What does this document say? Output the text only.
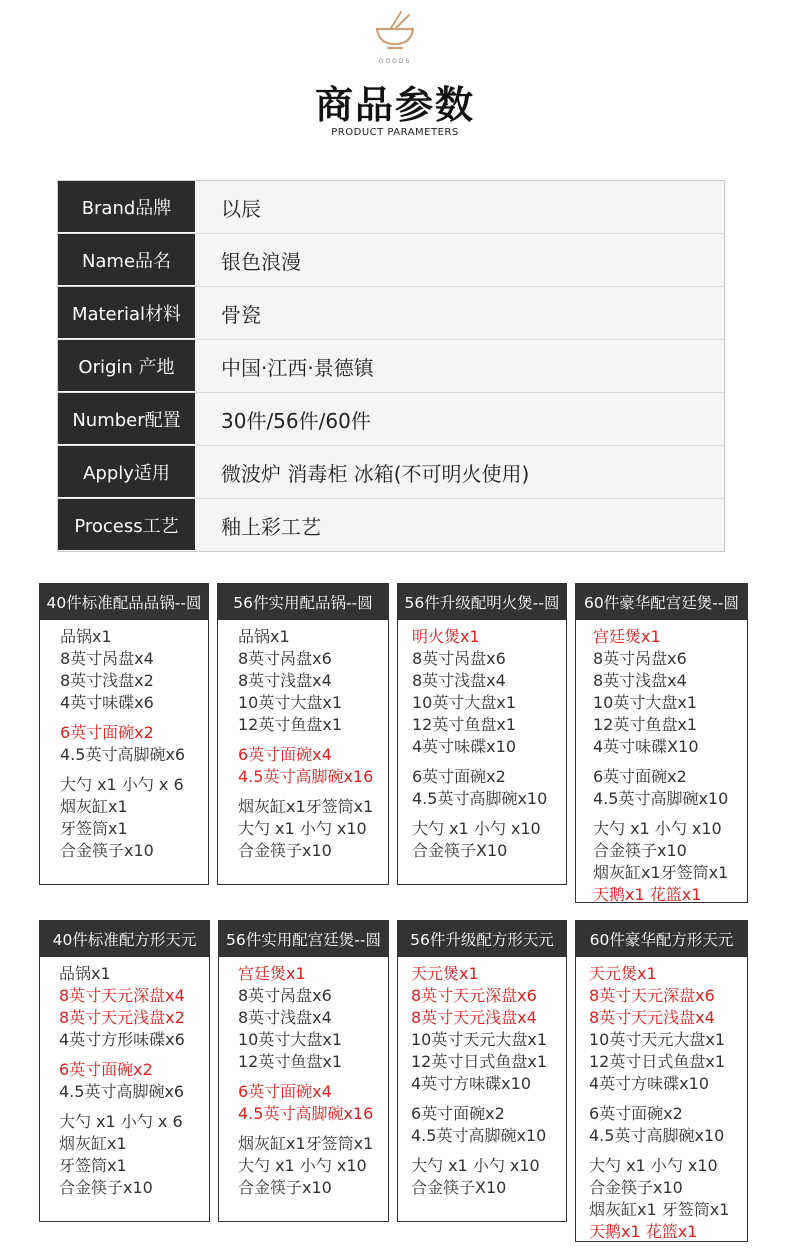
GOODS
商品参数
PRODUCT PARAMETERS
Brand品牌	以辰
Name品名	银色浪漫
Material材料	骨瓷
Origin 产地	中国·江西·景德镇
Number配置	30件/56件/60件
Apply适用	微波炉 消毒柜 冰箱(不可明火使用)
Process工艺	釉上彩工艺
40件标准配品品锅--圆
品锅x1
8英寸呙盘x4
8英寸浅盘x2
4英寸味碟x6
6英寸面碗x2
4.5英寸高脚碗x6
大勺 x1 小勺 x 6
烟灰缸x1
牙签筒x1
合金筷子x10
56件实用配品锅--圆
品锅x1
8英寸呙盘x6
8英寸浅盘x4
10英寸大盘x1
12英寸鱼盘x1
6英寸面碗x4
4.5英寸高脚碗x16
烟灰缸x1牙签筒x1
大勺 x1 小勺 x10
合金筷子x10
56件升级配明火煲--圆
明火煲x1
8英寸呙盘x6
8英寸浅盘x4
10英寸大盘x1
12英寸鱼盘x1
4英寸味碟x10
6英寸面碗x2
4.5英寸高脚碗x10
大勺 x1 小勺 x10
合金筷子X10
60件豪华配宫廷煲--圆
宫廷煲x1
8英寸呙盘x6
8英寸浅盘x4
10英寸大盘x1
12英寸鱼盘x1
4英寸味碟X10
6英寸面碗x2
4.5英寸高脚碗x10
大勺 x1 小勺 x10
合金筷子x10
烟灰缸x1牙签筒x1
天鹅x1 花篮x1
40件标准配方形天元
品锅x1
8英寸天元深盘x4
8英寸天元浅盘x2
4英寸方形味碟x6
6英寸面碗x2
4.5英寸高脚碗x6
大勺 x1 小勺 x 6
烟灰缸x1
牙签筒x1
合金筷子x10
56件实用配宫廷煲--圆
宫廷煲x1
8英寸呙盘x6
8英寸浅盘x4
10英寸大盘x1
12英寸鱼盘x1
6英寸面碗x4
4.5英寸高脚碗x16
烟灰缸x1牙签筒x1
大勺 x1 小勺 x10
合金筷子x10
56件升级配方形天元
天元煲x1
8英寸天元深盘x6
8英寸天元浅盘x4
10英寸天元大盘x1
12英寸日式鱼盘x1
4英寸方味碟x10
6英寸面碗x2
4.5英寸高脚碗x10
大勺 x1 小勺 x10
合金筷子X10
60件豪华配方形天元
天元煲x1
8英寸天元深盘x6
8英寸天元浅盘x4
10英寸天元大盘x1
12英寸日式鱼盘x1
4英寸方味碟x10
6英寸面碗x2
4.5英寸高脚碗x10
大勺 x1 小勺 x10
合金筷子x10
烟灰缸x1 牙签筒x1
天鹅x1 花篮x1
